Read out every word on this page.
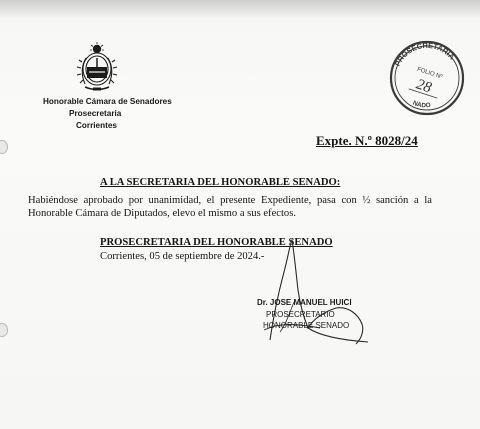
Honorable Cámara de Senadores
Prosecretaria
Corrientes
PROSECRETARIA
FOLIO Nº
28
NADO
Expte. N.º 8028/24
A LA SECRETARIA DEL HONORABLE SENADO:
Habiéndose aprobado por unanimidad, el presente Expediente, pasa con ½ sanción a la Honorable Cámara de Diputados, elevo el mismo a sus efectos.
PROSECRETARIA DEL HONORABLE SENADO
Corrientes, 05 de septiembre de 2024.-
Dr. JOSE MANUEL HUICI
PROSECRETARIO
HONORABLE SENADO
